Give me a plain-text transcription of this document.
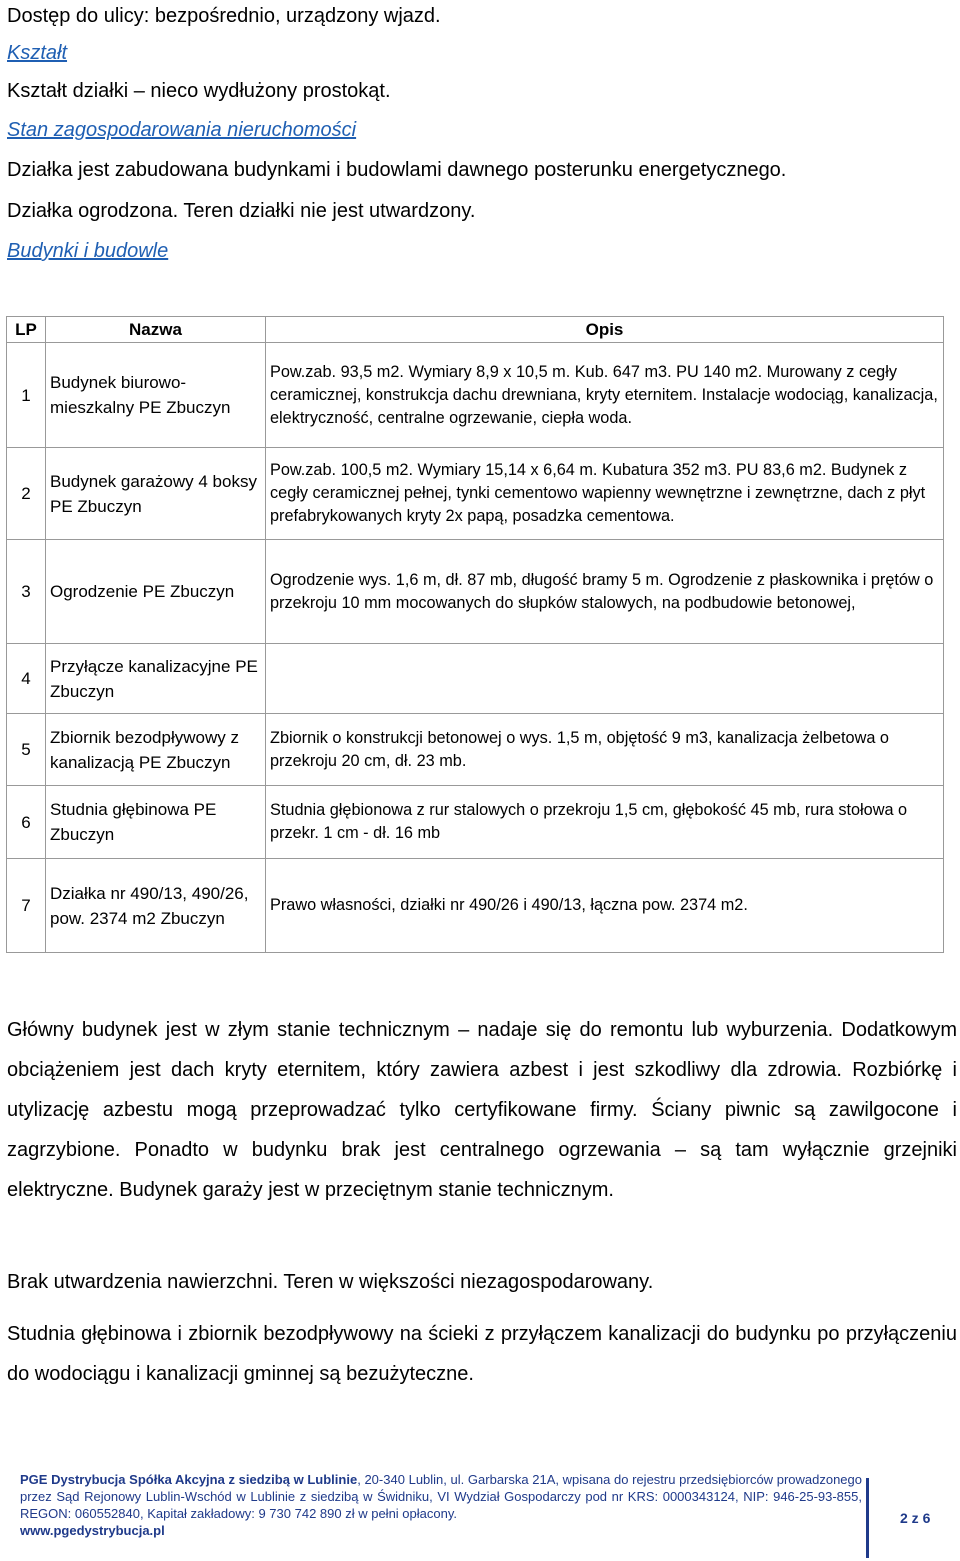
Dostęp do ulicy: bezpośrednio, urządzony wjazd.
Kształt
Kształt działki – nieco wydłużony prostokąt.
Stan zagospodarowania nieruchomości
Działka jest zabudowana budynkami i budowlami dawnego posterunku energetycznego.
Działka ogrodzona. Teren działki nie jest utwardzony.
Budynki i budowle
LP	Nazwa	Opis
1	Budynek biurowo-mieszkalny PE Zbuczyn	Pow.zab. 93,5 m2. Wymiary 8,9 x 10,5 m. Kub. 647 m3. PU 140 m2. Murowany z cegły ceramicznej, konstrukcja dachu drewniana, kryty eternitem. Instalacje wodociąg, kanalizacja, elektryczność, centralne ogrzewanie, ciepła woda.
2	Budynek garażowy 4 boksy PE Zbuczyn	Pow.zab. 100,5 m2. Wymiary 15,14 x 6,64 m. Kubatura 352 m3. PU 83,6 m2. Budynek z cegły ceramicznej pełnej, tynki cementowo wapienny wewnętrzne i zewnętrzne, dach z płyt prefabrykowanych kryty 2x papą, posadzka cementowa.
3	Ogrodzenie PE Zbuczyn	Ogrodzenie wys. 1,6 m, dł. 87 mb, długość bramy 5 m. Ogrodzenie z płaskownika i prętów o przekroju 10 mm mocowanych do słupków stalowych, na podbudowie betonowej,
4	Przyłącze kanalizacyjne PE Zbuczyn	
5	Zbiornik bezodpływowy z kanalizacją PE Zbuczyn	Zbiornik o konstrukcji betonowej o wys. 1,5 m, objętość 9 m3, kanalizacja żelbetowa o przekroju 20 cm, dł. 23 mb.
6	Studnia głębinowa PE Zbuczyn	Studnia głębionowa z rur stalowych o przekroju 1,5 cm, głębokość 45 mb, rura stołowa o przekr. 1 cm - dł. 16 mb
7	Działka nr 490/13, 490/26, pow. 2374 m2 Zbuczyn	Prawo własności, działki nr 490/26 i 490/13, łączna pow. 2374 m2.
Główny budynek jest w złym stanie technicznym – nadaje się do remontu lub wyburzenia. Dodatkowym obciążeniem jest dach kryty eternitem, który zawiera azbest i jest szkodliwy dla zdrowia. Rozbiórkę i utylizację azbestu mogą przeprowadzać tylko certyfikowane firmy. Ściany piwnic są zawilgocone i zagrzybione. Ponadto w budynku brak jest centralnego ogrzewania – są tam wyłącznie grzejniki elektryczne. Budynek garaży jest w przeciętnym stanie technicznym.
Brak utwardzenia nawierzchni. Teren w większości niezagospodarowany.
Studnia głębinowa i zbiornik bezodpływowy na ścieki z przyłączem kanalizacji do budynku po przyłączeniu do wodociągu i kanalizacji gminnej są bezużyteczne.
PGE Dystrybucja Spółka Akcyjna z siedzibą w Lublinie, 20-340 Lublin, ul. Garbarska 21A, wpisana do rejestru przedsiębiorców prowadzonego przez Sąd Rejonowy Lublin-Wschód w Lublinie z siedzibą w Świdniku, VI Wydział Gospodarczy pod nr KRS: 0000343124, NIP: 946-25-93-855, REGON: 060552840, Kapitał zakładowy: 9 730 742 890 zł w pełni opłacony.
www.pgedystrybucja.pl
2 z 6
